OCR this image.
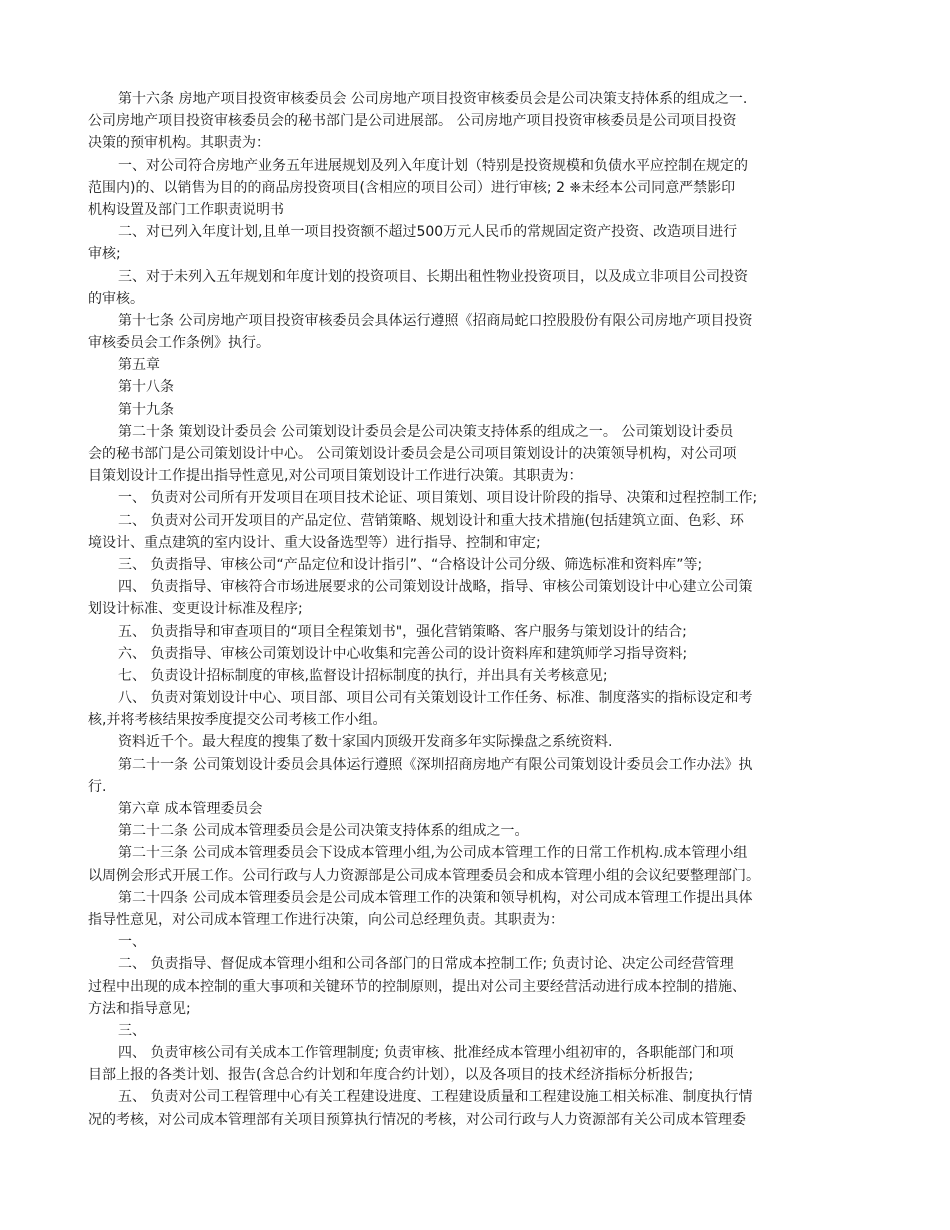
第十六条 房地产项目投资审核委员会 公司房地产项目投资审核委员会是公司决策支持体系的组成之一.
公司房地产项目投资审核委员会的秘书部门是公司进展部。 公司房地产项目投资审核委员是公司项目投资
决策的预审机构。其职责为：
一、对公司符合房地产业务五年进展规划及列入年度计划（特别是投资规模和负债水平应控制在规定的
范围内)的、以销售为目的的商品房投资项目(含相应的项目公司）进行审核; 2 ❈未经本公司同意严禁影印
机构设置及部门工作职责说明书
二、对已列入年度计划,且单一项目投资额不超过500万元人民币的常规固定资产投资、改造项目进行
审核;
三、对于未列入五年规划和年度计划的投资项目、长期出租性物业投资项目，以及成立非项目公司投资
的审核。
第十七条 公司房地产项目投资审核委员会具体运行遵照《招商局蛇口控股股份有限公司房地产项目投资
审核委员会工作条例》执行。
第五章
第十八条
第十九条
第二十条 策划设计委员会 公司策划设计委员会是公司决策支持体系的组成之一。 公司策划设计委员
会的秘书部门是公司策划设计中心。 公司策划设计委员会是公司项目策划设计的决策领导机构，对公司项
目策划设计工作提出指导性意见,对公司项目策划设计工作进行决策。其职责为：
一、 负责对公司所有开发项目在项目技术论证、项目策划、项目设计阶段的指导、决策和过程控制工作;
二、 负责对公司开发项目的产品定位、营销策略、规划设计和重大技术措施(包括建筑立面、色彩、环
境设计、重点建筑的室内设计、重大设备选型等）进行指导、控制和审定;
三、 负责指导、审核公司“产品定位和设计指引”、“合格设计公司分级、筛选标准和资料库”等;
四、 负责指导、审核符合市场进展要求的公司策划设计战略，指导、审核公司策划设计中心建立公司策
划设计标准、变更设计标准及程序;
五、 负责指导和审查项目的“项目全程策划书"，强化营销策略、客户服务与策划设计的结合;
六、 负责指导、审核公司策划设计中心收集和完善公司的设计资料库和建筑师学习指导资料;
七、 负责设计招标制度的审核,监督设计招标制度的执行，并出具有关考核意见;
八、 负责对策划设计中心、项目部、项目公司有关策划设计工作任务、标准、制度落实的指标设定和考
核,并将考核结果按季度提交公司考核工作小组。
资料近千个。最大程度的搜集了数十家国内顶级开发商多年实际操盘之系统资料.
第二十一条 公司策划设计委员会具体运行遵照《深圳招商房地产有限公司策划设计委员会工作办法》执
行.
第六章 成本管理委员会
第二十二条 公司成本管理委员会是公司决策支持体系的组成之一。
第二十三条 公司成本管理委员会下设成本管理小组,为公司成本管理工作的日常工作机构.成本管理小组
以周例会形式开展工作。公司行政与人力资源部是公司成本管理委员会和成本管理小组的会议纪要整理部门。
第二十四条 公司成本管理委员会是公司成本管理工作的决策和领导机构，对公司成本管理工作提出具体
指导性意见，对公司成本管理工作进行决策，向公司总经理负责。其职责为：
一、
二、 负责指导、督促成本管理小组和公司各部门的日常成本控制工作; 负责讨论、决定公司经营管理
过程中出现的成本控制的重大事项和关键环节的控制原则，提出对公司主要经营活动进行成本控制的措施、
方法和指导意见;
三、
四、 负责审核公司有关成本工作管理制度; 负责审核、批准经成本管理小组初审的，各职能部门和项
目部上报的各类计划、报告(含总合约计划和年度合约计划），以及各项目的技术经济指标分析报告;
五、 负责对公司工程管理中心有关工程建设进度、工程建设质量和工程建设施工相关标准、制度执行情
况的考核，对公司成本管理部有关项目预算执行情况的考核，对公司行政与人力资源部有关公司成本管理委
